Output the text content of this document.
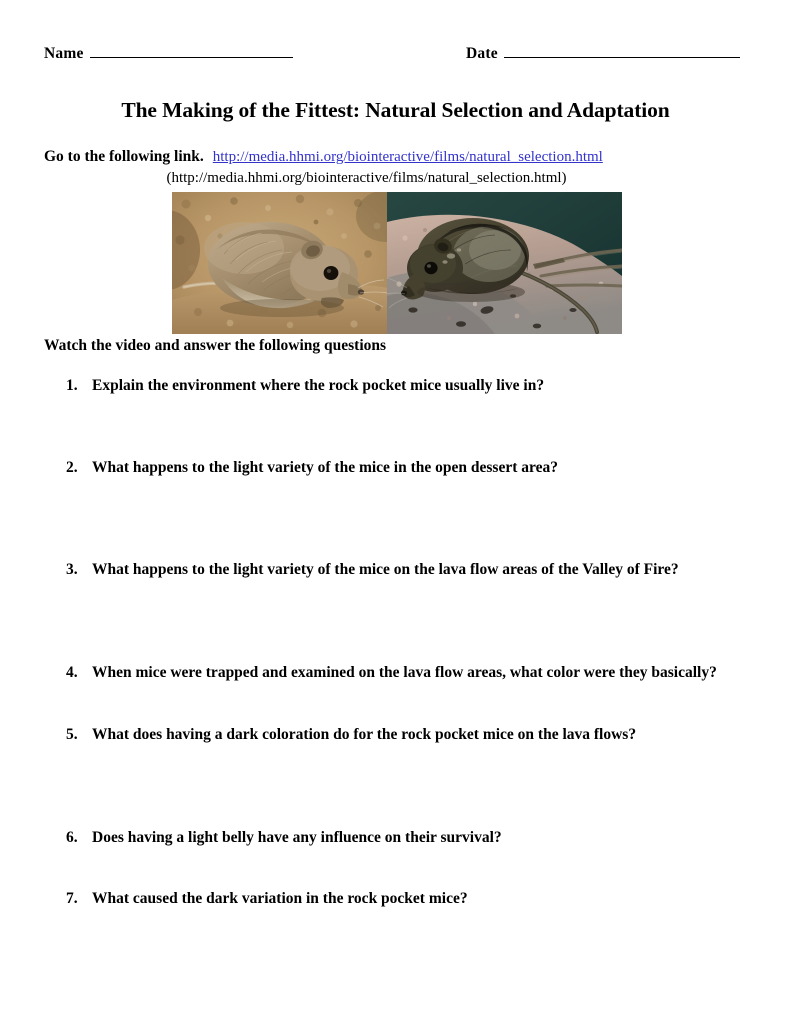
Name	Date
The Making of the Fittest: Natural Selection and Adaptation
Go to the following link. http://media.hhmi.org/biointeractive/films/natural_selection.html
(http://media.hhmi.org/biointeractive/films/natural_selection.html)
Watch the video and answer the following questions
1. Explain the environment where the rock pocket mice usually live in?
2. What happens to the light variety of the mice in the open dessert area?
3. What happens to the light variety of the mice on the lava flow areas of the Valley of Fire?
4. When mice were trapped and examined on the lava flow areas, what color were they basically?
5. What does having a dark coloration do for the rock pocket mice on the lava flows?
6. Does having a light belly have any influence on their survival?
7. What caused the dark variation in the rock pocket mice?
